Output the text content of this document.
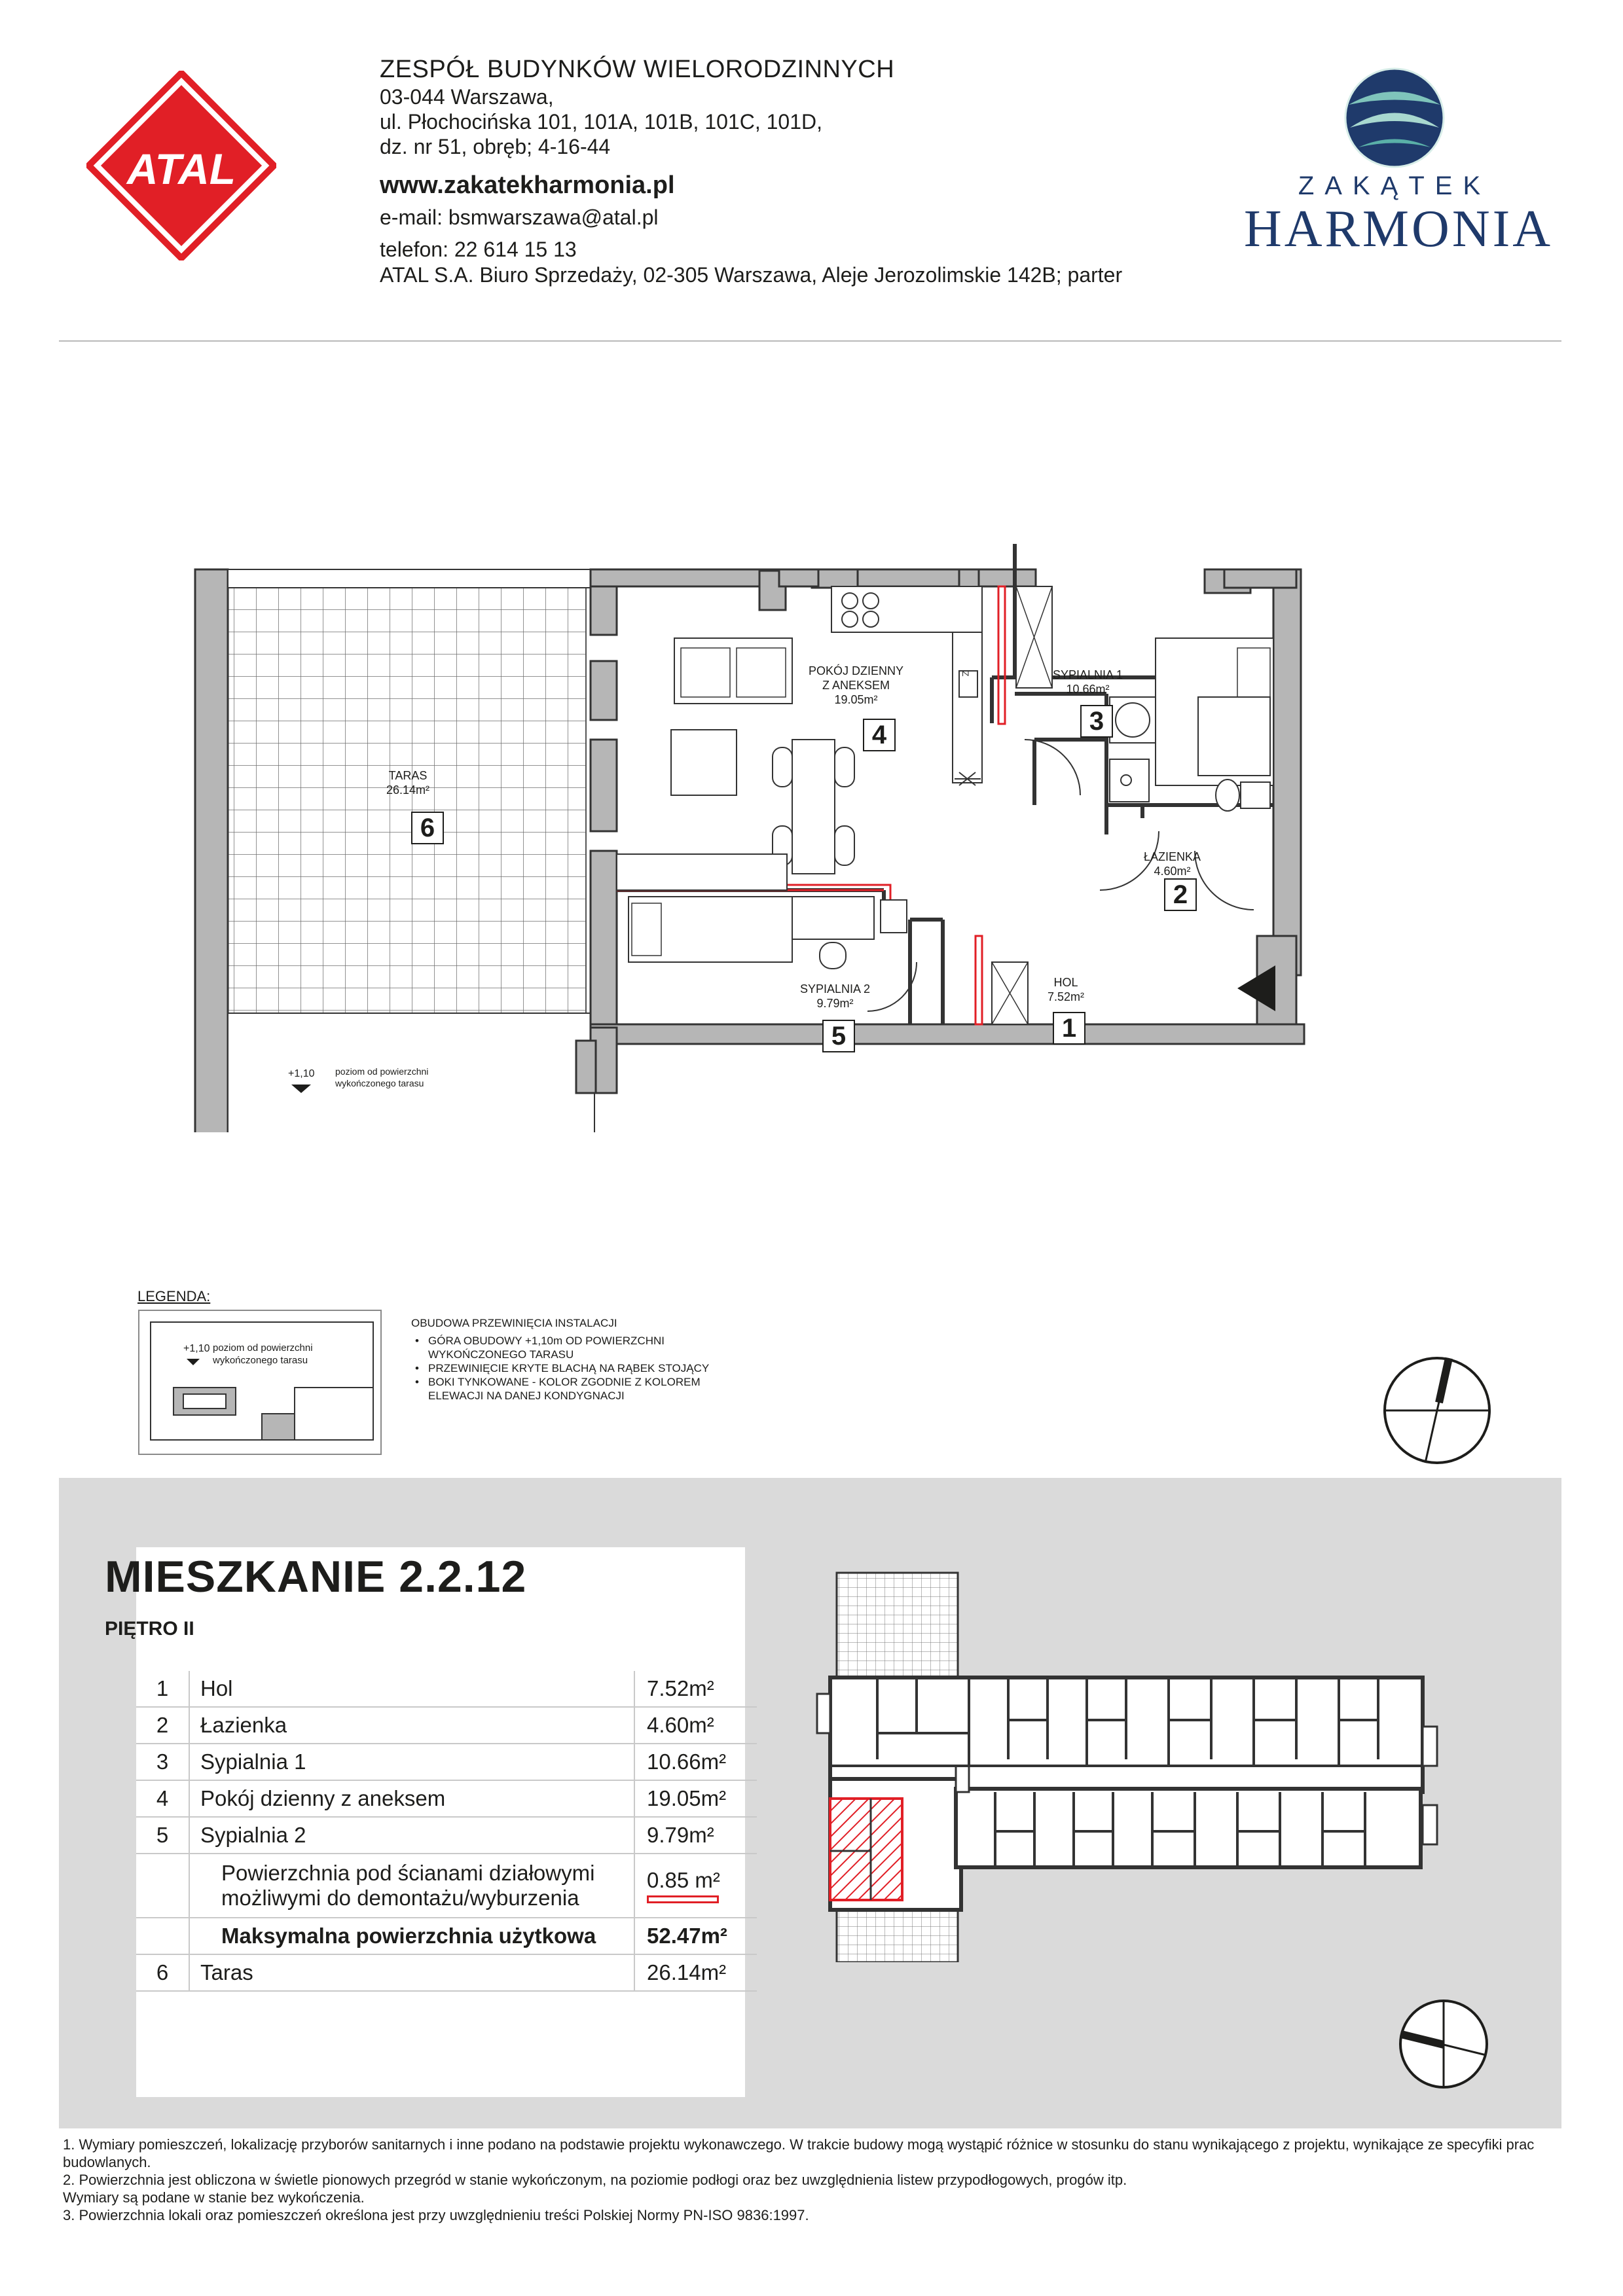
ATAL
ZESPÓŁ BUDYNKÓW WIELORODZINNYCH
03-044 Warszawa,
ul. Płochocińska 101, 101A, 101B, 101C, 101D,
dz. nr 51, obręb; 4-16-44
www.zakatekharmonia.pl
e-mail: bsmwarszawa@atal.pl
telefon: 22 614 15 13
ATAL S.A. Biuro Sprzedaży, 02-305 Warszawa, Aleje Jerozolimskie 142B; parter
ZAKĄTEK
HARMONIA
Z
TARAS
26.14m²
6
POKÓJ DZIENNY
Z ANEKSEM
19.05m²
4
SYPIALNIA 1
10.66m²
3
ŁAZIENKA
4.60m²
2
SYPIALNIA 2
9.79m²
5
HOL
7.52m²
1
+1,10 poziom od powierzchni
wykończonego tarasu
LEGENDA:
+1,10 poziom od powierzchni
wykończonego tarasu
OBUDOWA PRZEWINIĘCIA INSTALACJI
• GÓRA OBUDOWY +1,10m OD POWIERZCHNI WYKOŃCZONEGO TARASU
• PRZEWINIĘCIE KRYTE BLACHĄ NA RĄBEK STOJĄCY
• BOKI TYNKOWANE - KOLOR ZGODNIE Z KOLOREM ELEWACJI NA DANEJ KONDYGNACJI
MIESZKANIE 2.2.12
PIĘTRO II
1	Hol	7.52m²
2	Łazienka	4.60m²
3	Sypialnia 1	10.66m²
4	Pokój dzienny z aneksem	19.05m²
5	Sypialnia 2	9.79m²

	Powierzchnia pod ścianami działowymi
możliwymi do demontażu/wyburzenia	0.85 m²

	Maksymalna powierzchnia użytkowa	52.47m²
6	Taras	26.14m²

1. Wymiary pomieszczeń, lokalizację przyborów sanitarnych i inne podano na podstawie projektu wykonawczego. W trakcie budowy mogą wystąpić różnice w stosunku do stanu wynikającego z projektu, wynikające ze specyfiki prac budowlanych.

2. Powierzchnia jest obliczona w świetle pionowych przegród w stanie wykończonym, na poziomie podłogi oraz bez uwzględnienia listew przypodłogowych, progów itp.

Wymiary są podane w stanie bez wykończenia.

3. Powierzchnia lokali oraz pomieszczeń określona jest przy uwzględnieniu treści Polskiej Normy PN-ISO 9836:1997.
